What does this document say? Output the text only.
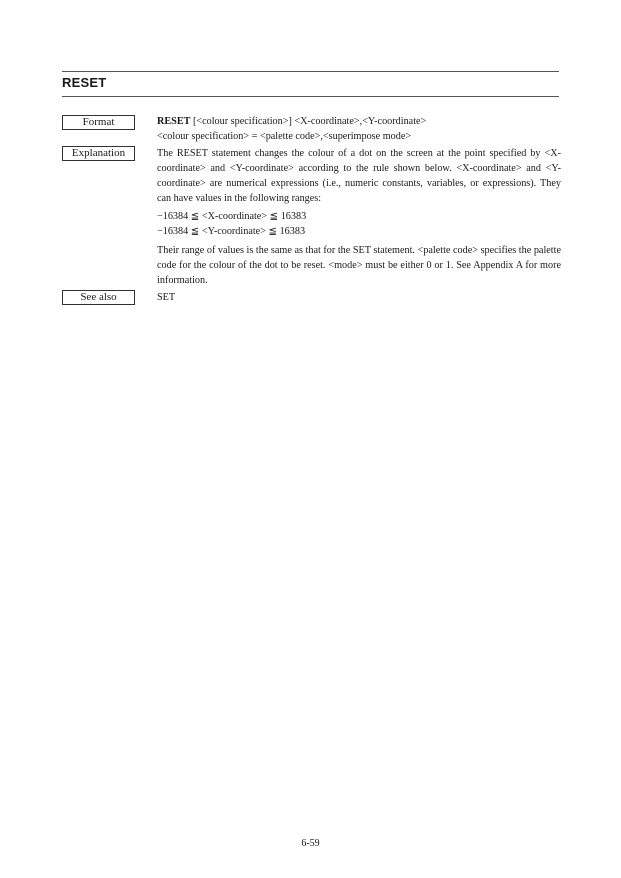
RESET
Format	RESET [<colour specification>] <X-coordinate>,<Y-coordinate>

<colour specification> = <palette code>,<superimpose mode>

Explanation	The RESET statement changes the colour of a dot on the screen at the point specified by <X-coordinate> and <Y-coordinate> according to the rule shown below. <X-coordinate> and <Y-coordinate> are numerical expressions (i.e., numeric constants, variables, or expressions). They can have values in the following ranges:

−16384 ≦ <X-coordinate> ≦ 16383

−16384 ≦ <Y-coordinate> ≦ 16383

Their range of values is the same as that for the SET statement. <palette code> specifies the palette code for the colour of the dot to be reset. <mode> must be either 0 or 1. See Appendix A for more information.

See also	SET
6-59
